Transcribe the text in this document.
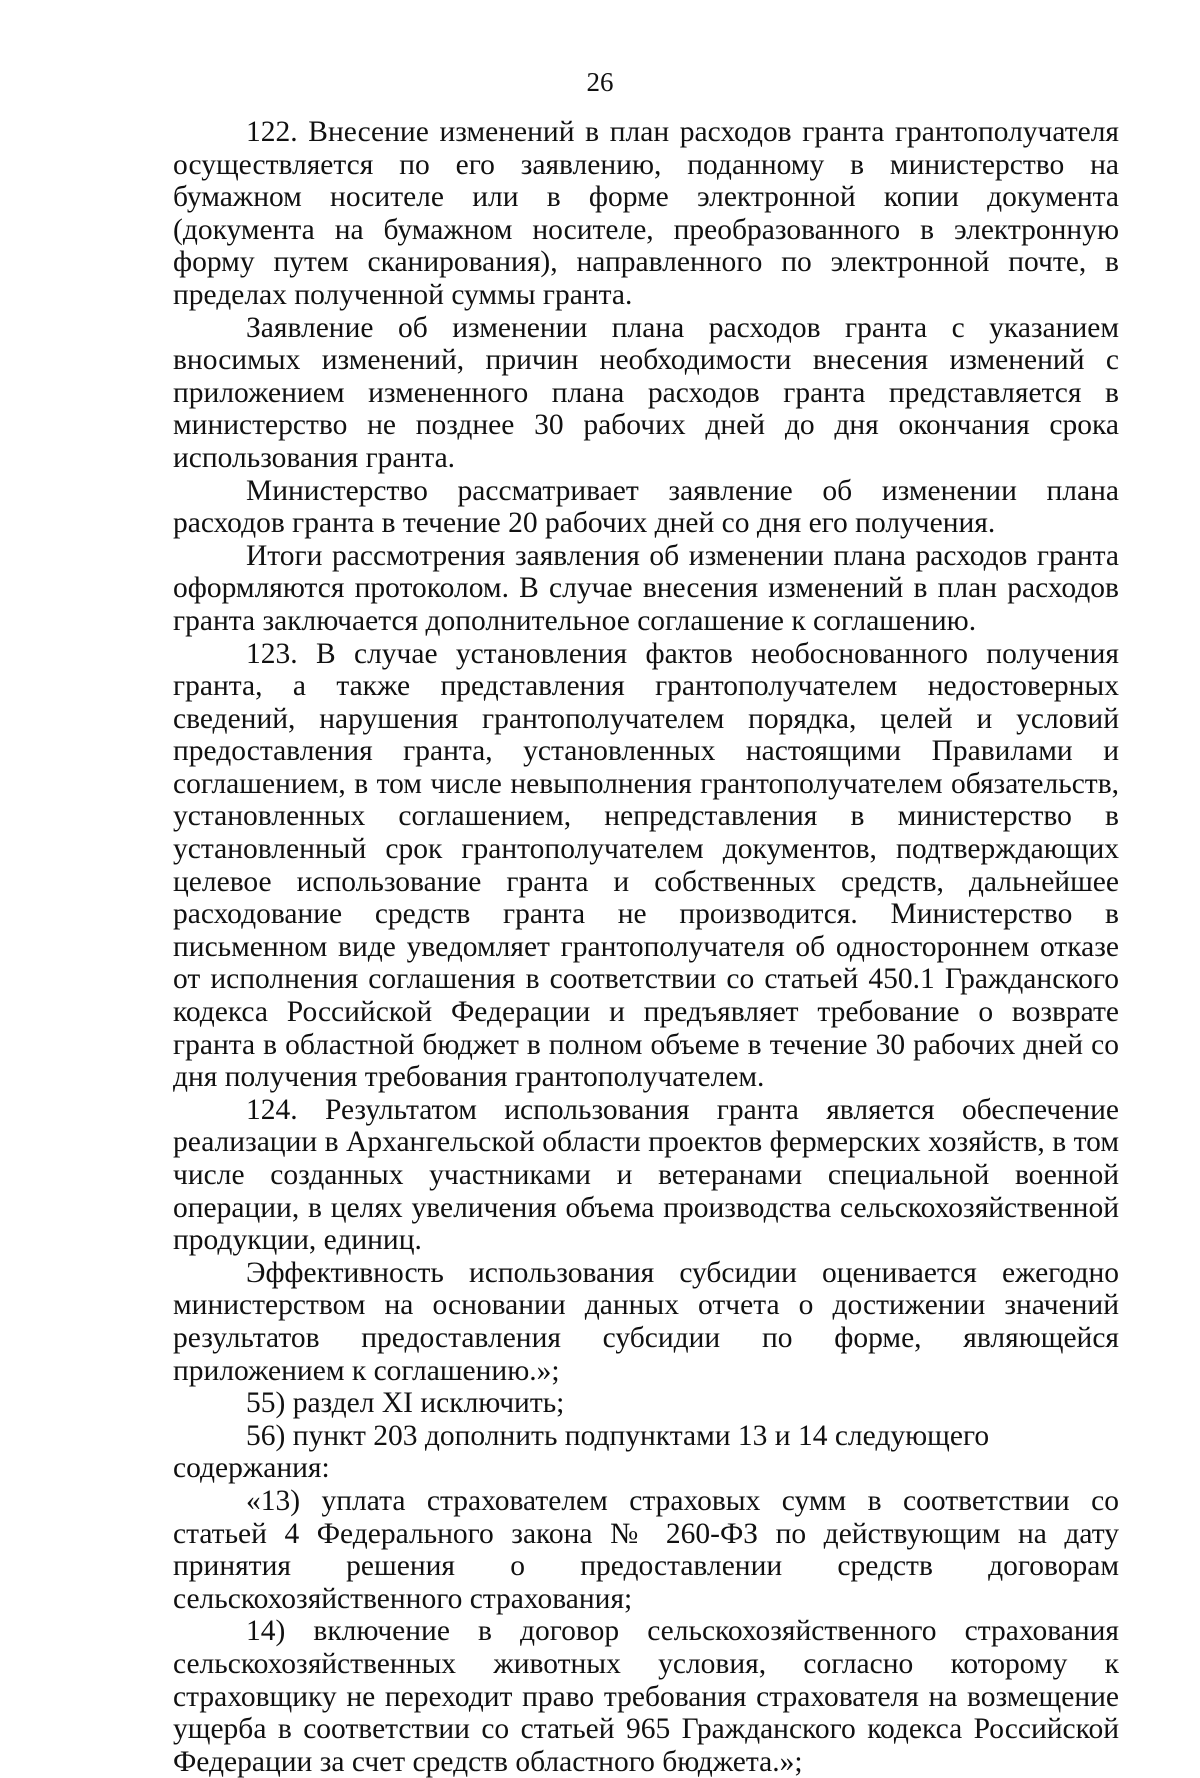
26

122. Внесение изменений в план расходов гранта грантополучателя осуществляется по его заявлению, поданному в министерство на бумажном носителе или в форме электронной копии документа (документа на бумажном носителе, преобразованного в электронную форму путем сканирования), направленного по электронной почте, в пределах полученной суммы гранта.

Заявление об изменении плана расходов гранта с указанием вносимых изменений, причин необходимости внесения изменений с приложением измененного плана расходов гранта представляется в министерство не позднее 30 рабочих дней до дня окончания срока использования гранта.

Министерство рассматривает заявление об изменении плана расходов гранта в течение 20 рабочих дней со дня его получения.

Итоги рассмотрения заявления об изменении плана расходов гранта оформляются протоколом. В случае внесения изменений в план расходов гранта заключается дополнительное соглашение к соглашению.

123. В случае установления фактов необоснованного получения гранта, а также представления грантополучателем недостоверных сведений, нарушения грантополучателем порядка, целей и условий предоставления гранта, установленных настоящими Правилами и соглашением, в том числе невыполнения грантополучателем обязательств, установленных соглашением, непредставления в министерство в установленный срок грантополучателем документов, подтверждающих целевое использование гранта и собственных средств, дальнейшее расходование средств гранта не производится. Министерство в письменном виде уведомляет грантополучателя об одностороннем отказе от исполнения соглашения в соответствии со статьей 450.1 Гражданского кодекса Российской Федерации и предъявляет требование о возврате гранта в областной бюджет в полном объеме в течение 30 рабочих дней со дня получения требования грантополучателем.

124. Результатом использования гранта является обеспечение реализации в Архангельской области проектов фермерских хозяйств, в том числе созданных участниками и ветеранами специальной военной операции, в целях увеличения объема производства сельскохозяйственной продукции, единиц.

Эффективность использования субсидии оценивается ежегодно министерством на основании данных отчета о достижении значений результатов предоставления субсидии по форме, являющейся приложением к соглашению.»;

55) раздел XI исключить;

56) пункт 203 дополнить подпунктами 13 и 14 следующего содержания:

«13) уплата страхователем страховых сумм в соответствии со статьей 4 Федерального закона № 260-ФЗ по действующим на дату принятия решения о предоставлении средств договорам сельскохозяйственного страхования;

14) включение в договор сельскохозяйственного страхования сельскохозяйственных животных условия, согласно которому к страховщику не переходит право требования страхователя на возмещение ущерба в соответствии со статьей 965 Гражданского кодекса Российской Федерации за счет средств областного бюджета.»;
